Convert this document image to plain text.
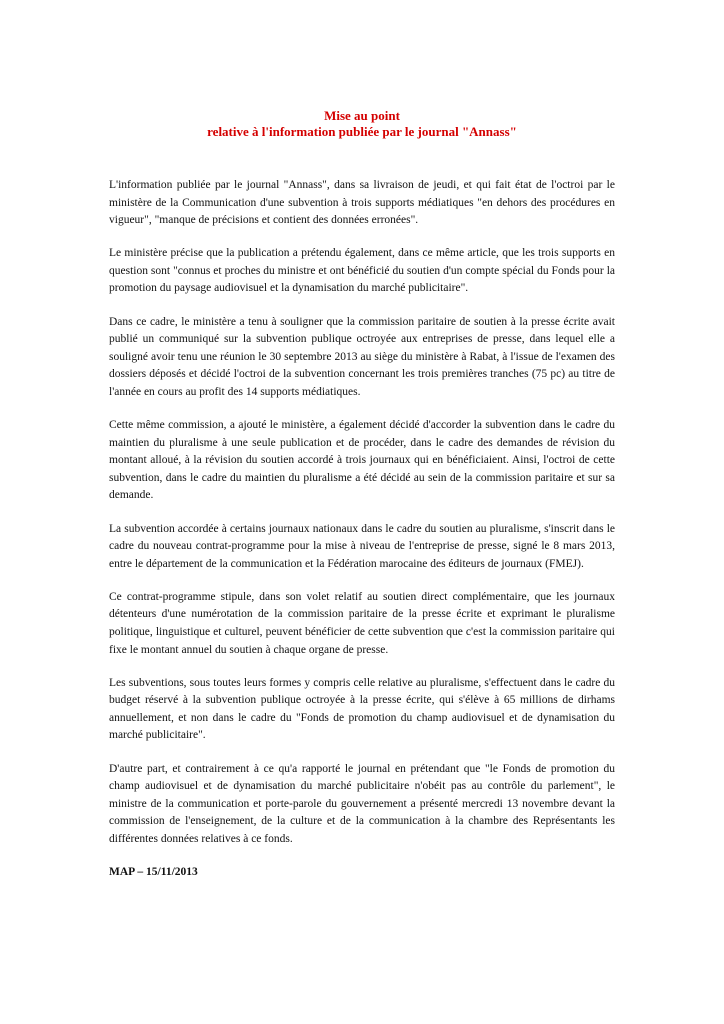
Mise au point
relative à l'information publiée par le journal "Annass"

L'information publiée par le journal "Annass", dans sa livraison de jeudi, et qui fait état de l'octroi par le ministère de la Communication d'une subvention à trois supports médiatiques "en dehors des procédures en vigueur", "manque de précisions et contient des données erronées".

Le ministère précise que la publication a prétendu également, dans ce même article, que les trois supports en question sont "connus et proches du ministre et ont bénéficié du soutien d'un compte spécial du Fonds pour la promotion du paysage audiovisuel et la dynamisation du marché publicitaire".

Dans ce cadre, le ministère a tenu à souligner que la commission paritaire de soutien à la presse écrite avait publié un communiqué sur la subvention publique octroyée aux entreprises de presse, dans lequel elle a souligné avoir tenu une réunion le 30 septembre 2013 au siège du ministère à Rabat, à l'issue de l'examen des dossiers déposés et décidé l'octroi de la subvention concernant les trois premières tranches (75 pc) au titre de l'année en cours au profit des 14 supports médiatiques.

Cette même commission, a ajouté le ministère, a également décidé d'accorder la subvention dans le cadre du maintien du pluralisme à une seule publication et de procéder, dans le cadre des demandes de révision du montant alloué, à la révision du soutien accordé à trois journaux qui en bénéficiaient. Ainsi, l'octroi de cette subvention, dans le cadre du maintien du pluralisme a été décidé au sein de la commission paritaire et sur sa demande.

La subvention accordée à certains journaux nationaux dans le cadre du soutien au pluralisme, s'inscrit dans le cadre du nouveau contrat-programme pour la mise à niveau de l'entreprise de presse, signé le 8 mars 2013, entre le département de la communication et la Fédération marocaine des éditeurs de journaux (FMEJ).

Ce contrat-programme stipule, dans son volet relatif au soutien direct complémentaire, que les journaux détenteurs d'une numérotation de la commission paritaire de la presse écrite et exprimant le pluralisme politique, linguistique et culturel, peuvent bénéficier de cette subvention que c'est la commission paritaire qui fixe le montant annuel du soutien à chaque organe de presse.

Les subventions, sous toutes leurs formes y compris celle relative au pluralisme, s'effectuent dans le cadre du budget réservé à la subvention publique octroyée à la presse écrite, qui s'élève à 65 millions de dirhams annuellement, et non dans le cadre du "Fonds de promotion du champ audiovisuel et de dynamisation du marché publicitaire".

D'autre part, et contrairement à ce qu'a rapporté le journal en prétendant que "le Fonds de promotion du champ audiovisuel et de dynamisation du marché publicitaire n'obéit pas au contrôle du parlement", le ministre de la communication et porte-parole du gouvernement a présenté mercredi 13 novembre devant la commission de l'enseignement, de la culture et de la communication à la chambre des Représentants les différentes données relatives à ce fonds.

MAP – 15/11/2013
